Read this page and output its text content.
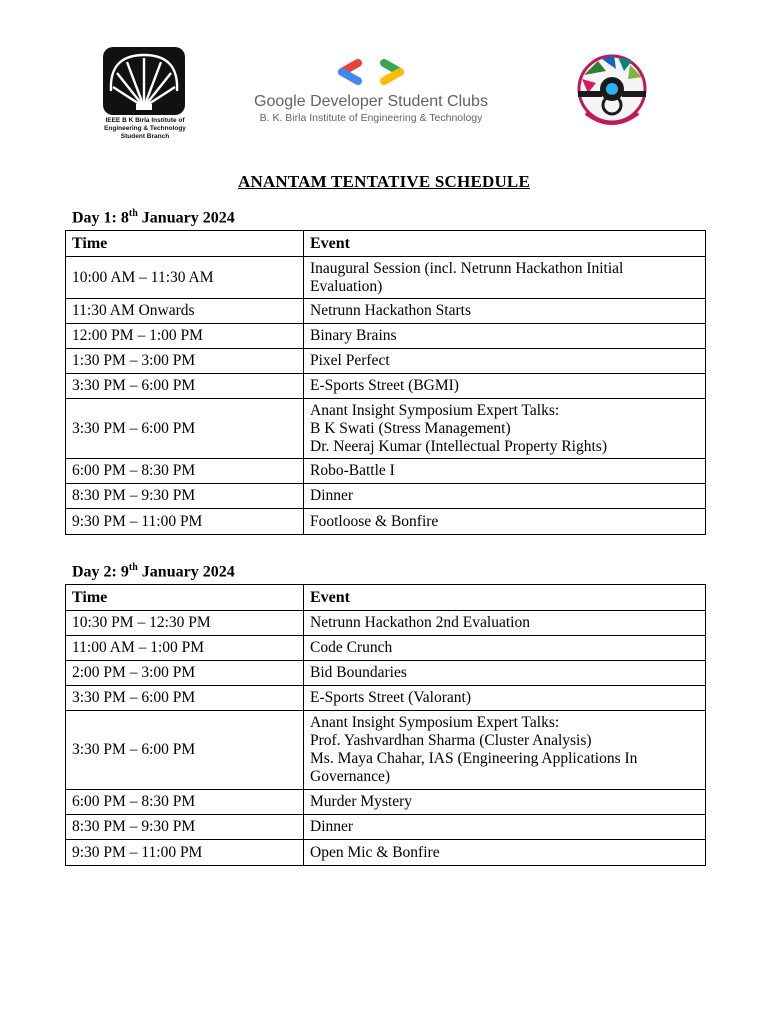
IEEE B K Birla Institute of
Engineering & Technology
Student Branch
Google Developer Student Clubs
B. K. Birla Institute of Engineering & Technology
ANANTAM TENTATIVE SCHEDULE
Day 1: 8th January 2024
Time	Event
10:00 AM – 11:30 AM	Inaugural Session (incl. Netrunn Hackathon Initial
Evaluation)

11:30 AM Onwards	Netrunn Hackathon Starts

12:00 PM – 1:00 PM	Binary Brains

1:30 PM – 3:00 PM	Pixel Perfect

3:30 PM – 6:00 PM	E-Sports Street (BGMI)

3:30 PM – 6:00 PM	Anant Insight Symposium Expert Talks:
B K Swati (Stress Management)
Dr. Neeraj Kumar (Intellectual Property Rights)

6:00 PM – 8:30 PM	Robo-Battle I

8:30 PM – 9:30 PM	Dinner

9:30 PM – 11:00 PM	Footloose & Bonfire
Day 2: 9th January 2024
Time	Event
10:30 PM – 12:30 PM	Netrunn Hackathon 2nd Evaluation

11:00 AM – 1:00 PM	Code Crunch

2:00 PM – 3:00 PM	Bid Boundaries

3:30 PM – 6:00 PM	E-Sports Street (Valorant)

3:30 PM – 6:00 PM	Anant Insight Symposium Expert Talks:
Prof. Yashvardhan Sharma (Cluster Analysis)
Ms. Maya Chahar, IAS (Engineering Applications In
Governance)

6:00 PM – 8:30 PM	Murder Mystery

8:30 PM – 9:30 PM	Dinner

9:30 PM – 11:00 PM	Open Mic & Bonfire
